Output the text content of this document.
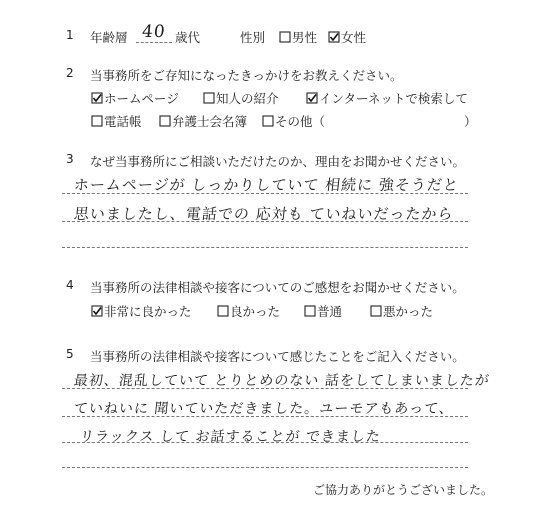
1 年齢層 40 歳代	性別 男性 女性
2 当事務所をご存知になったきっかけをお教えください。
ホームページ	知人の紹介	インターネットで検索して
電話帳 弁護士会名簿 その他（	）
3 なぜ当事務所にご相談いただけたのか、理由をお聞かせください。
ホームページが しっかりしていて 相続に 強そうだと
思いましたし、電話での 応対も ていねいだったから
4 当事務所の法律相談や接客についてのご感想をお聞かせください。
非常に良かった	良かった	普通	悪かった
5 当事務所の法律相談や接客について感じたことをご記入ください。
最初、混乱していて とりとめのない 話をしてしまいましたが
ていねいに 聞いていただきました。ユーモアもあって、
リラックス して お話することが できました
ご協力ありがとうございました。
